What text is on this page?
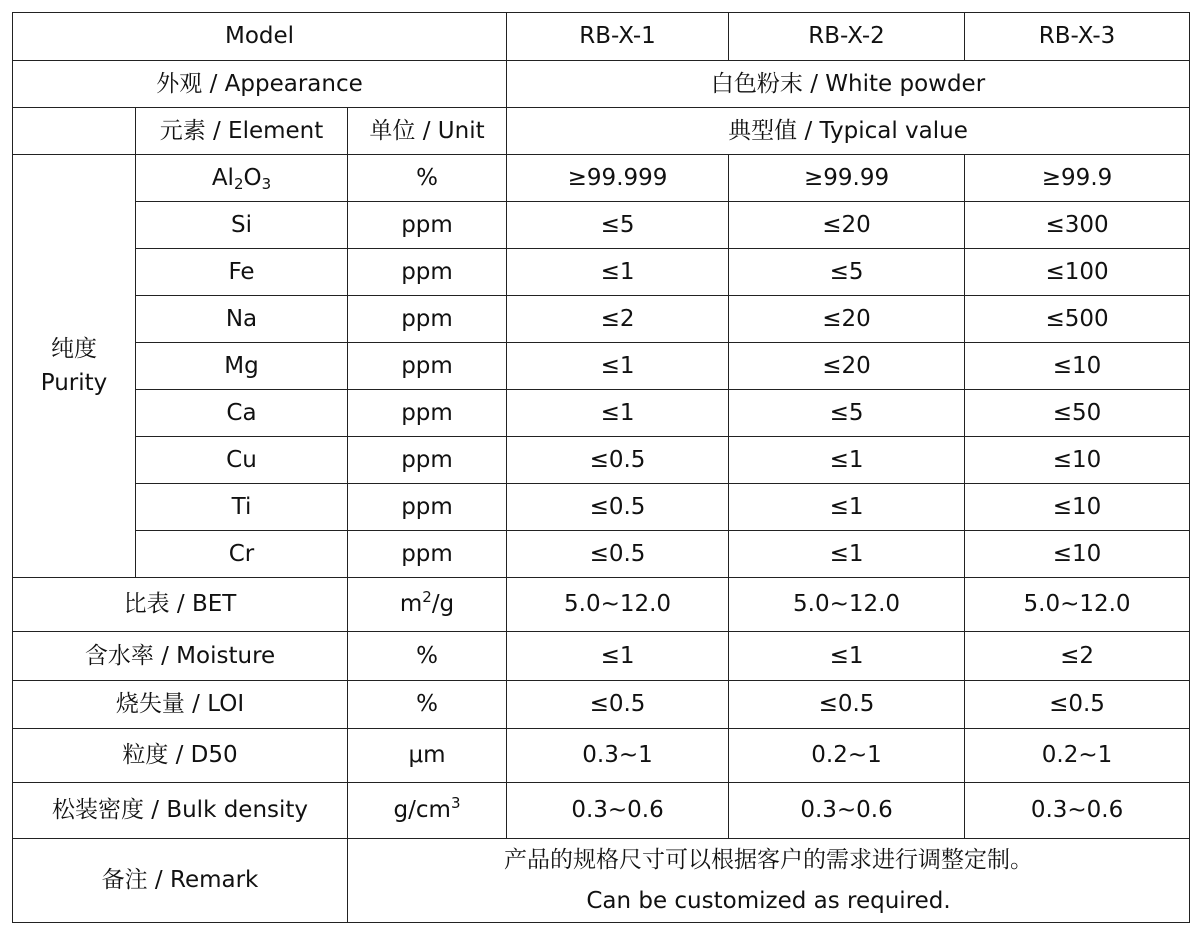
Model			RB-X-1	RB-X-2	RB-X-3
外观 / Appearance			白色粉末 / White powder		
	元素 / Element	单位 / Unit	典型值 / Typical value		

纯度
Purity	$Al_2O_3$	%	≥99.999	≥99.99	≥99.9
	Si	ppm	≤5	≤20	≤300
	Fe	ppm	≤1	≤5	≤100
	Na	ppm	≤2	≤20	≤500
	Mg	ppm	≤1	≤20	≤10
	Ca	ppm	≤1	≤5	≤50
	Cu	ppm	≤0.5	≤1	≤10
	Ti	ppm	≤0.5	≤1	≤10
	Cr	ppm	≤0.5	≤1	≤10
比表 / BET		$m^2/g$	5.0~12.0	5.0~12.0	5.0~12.0
含水率 / Moisture		%	≤1	≤1	≤2
烧失量 / LOI		%	≤0.5	≤0.5	≤0.5
粒度 / D50		μm	0.3~1	0.2~1	0.2~1
松装密度 / Bulk density		$g/cm^3$	0.3~0.6	0.3~0.6	0.3~0.6
备注 / Remark		产品的规格尺寸可以根据客户的需求进行调整定制。
Can be customized as required.			
